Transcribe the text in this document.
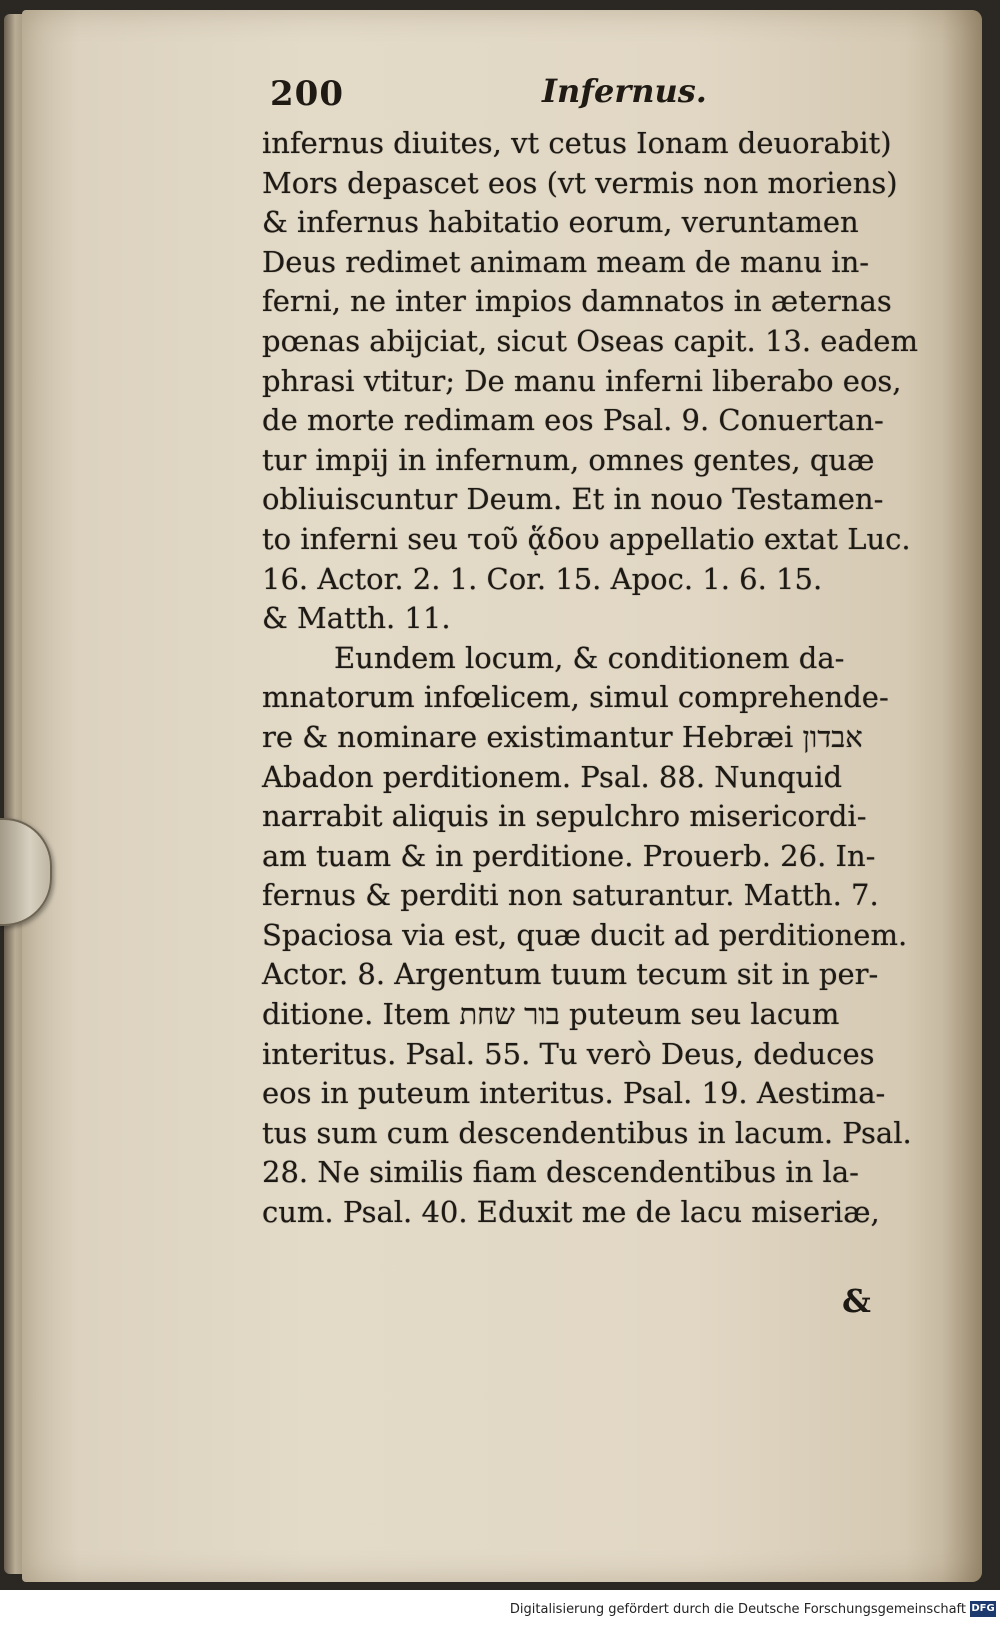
200	Infernus.
infernus diuites, vt cetus Ionam deuorabit)
Mors depascet eos (vt vermis non moriens)
& infernus habitatio eorum, veruntamen
Deus redimet animam meam de manu in-
ferni, ne inter impios damnatos in æternas
pœnas abijciat, sicut Oseas capit. 13. eadem
phrasi vtitur; De manu inferni liberabo eos,
de morte redimam eos Psal. 9. Conuertan-
tur impij in infernum, omnes gentes, quæ
obliuiscuntur Deum. Et in nouo Testamen-
to inferni seu τοῦ ᾅδου appellatio extat Luc.
16. Actor. 2. 1. Cor. 15. Apoc. 1. 6. 15.
& Matth. 11.
Eundem locum, & conditionem da-
mnatorum infœlicem, simul comprehende-
re & nominare existimantur Hebræi אבדון
Abadon perditionem. Psal. 88. Nunquid
narrabit aliquis in sepulchro misericordi-
am tuam & in perditione. Prouerb. 26. In-
fernus & perditi non saturantur. Matth. 7.
Spaciosa via est, quæ ducit ad perditionem.
Actor. 8. Argentum tuum tecum sit in per-
ditione. Item בור שחת puteum seu lacum
interitus. Psal. 55. Tu verò Deus, deduces
eos in puteum interitus. Psal. 19. Aestima-
tus sum cum descendentibus in lacum. Psal.
28. Ne similis fiam descendentibus in la-
cum. Psal. 40. Eduxit me de lacu miseriæ,
&
Digitalisierung gefördert durch die Deutsche Forschungsgemeinschaft DFG
